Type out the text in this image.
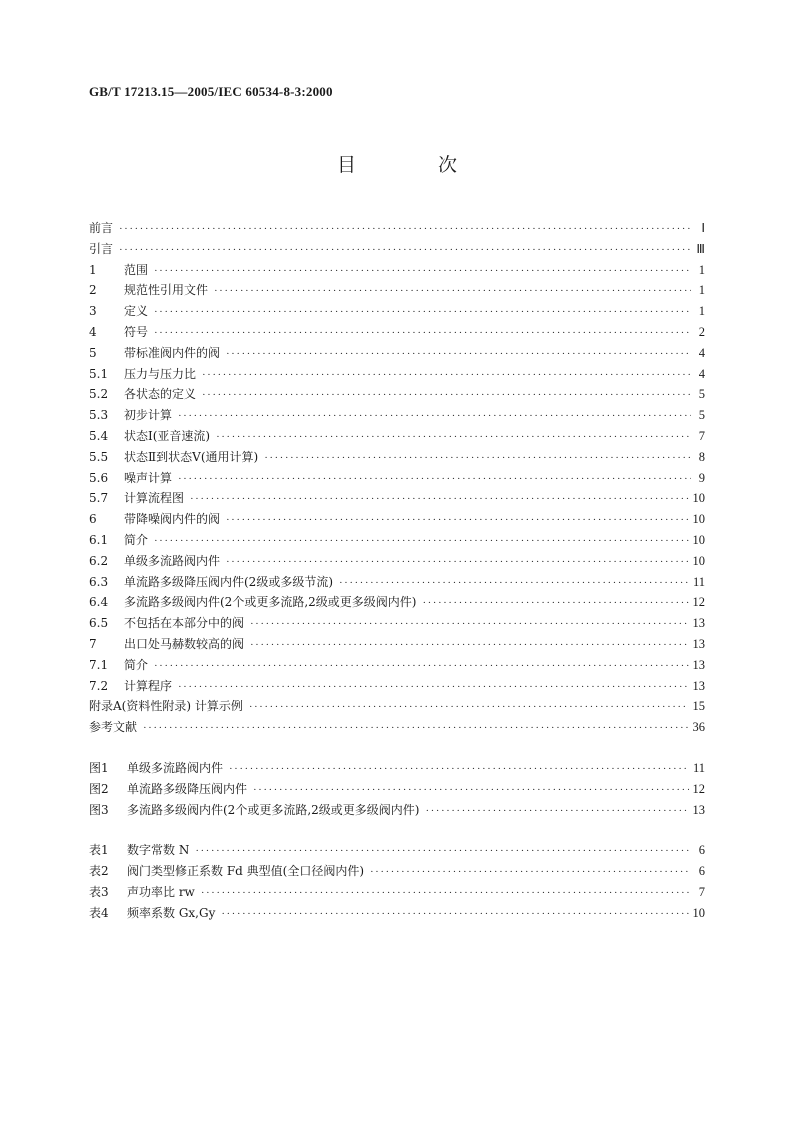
GB/T 17213.15—2005/IEC 60534-8-3:2000
目 次
前言 ·····	Ⅰ
引言 ·····	Ⅲ
1	范围 ·····	1
2	规范性引用文件 ·····	1
3	定义 ·····	1
4	符号 ·····	2
5	带标准阀内件的阀 ·····	4
5.1	压力与压力比 ·····	4
5.2	各状态的定义 ·····	5
5.3	初步计算 ·····	5
5.4	状态Ⅰ(亚音速流) ·····	7
5.5	状态Ⅱ到状态Ⅴ(通用计算) ·····	8
5.6	噪声计算 ·····	9
5.7	计算流程图 ·····	10
6	带降噪阀内件的阀 ·····	10
6.1	简介 ·····	10
6.2	单级多流路阀内件 ·····	10
6.3	单流路多级降压阀内件(2级或多级节流) ·····	11
6.4	多流路多级阀内件(2个或更多流路,2级或更多级阀内件) ·····	12
6.5	不包括在本部分中的阀 ·····	13
7	出口处马赫数较高的阀 ·····	13
7.1	简介 ·····	13
7.2	计算程序 ·····	13
附录A(资料性附录) 计算示例 ·····	15
参考文献 ·····	36
图1	单级多流路阀内件 ·····	11
图2	单流路多级降压阀内件 ·····	12
图3	多流路多级阀内件(2个或更多流路,2级或更多级阀内件) ·····	13
表1	数字常数 N ·····	6
表2	阀门类型修正系数 Fd 典型值(全口径阀内件) ·····	6
表3	声功率比 rw ·····	7
表4	频率系数 Gx,Gy ·····	10
